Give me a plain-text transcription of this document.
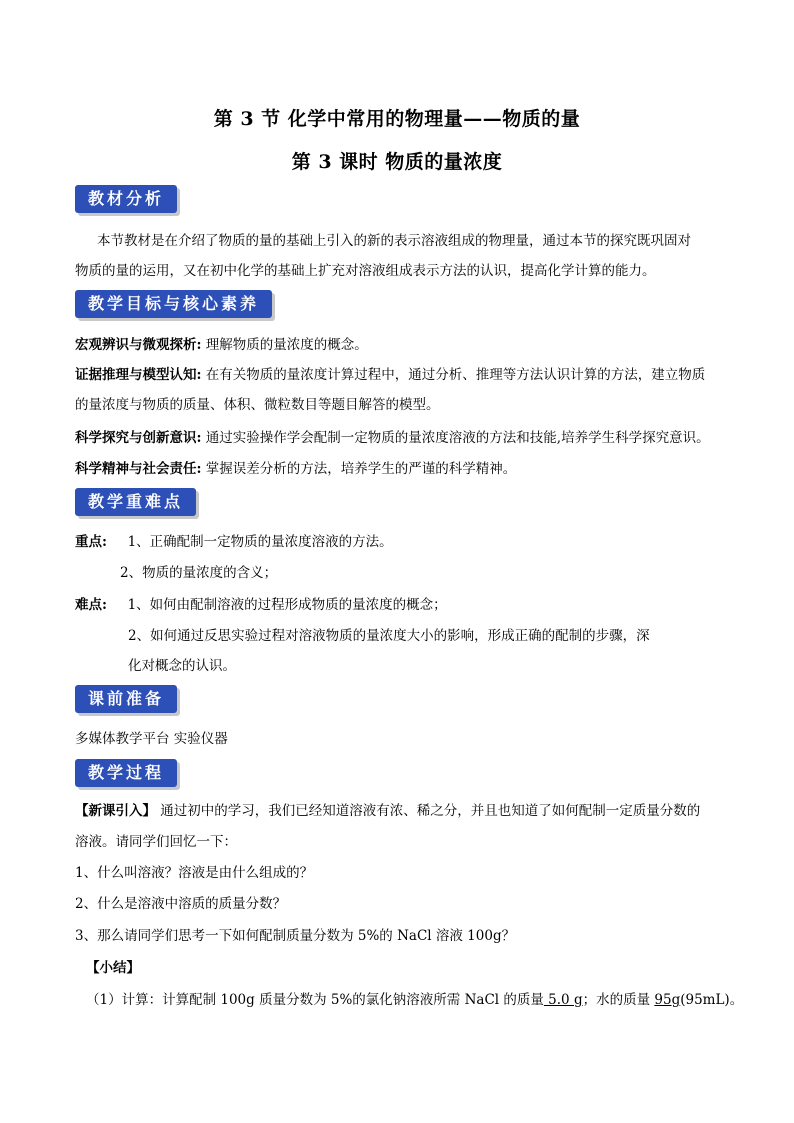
第 3 节 化学中常用的物理量——物质的量
第 3 课时 物质的量浓度
教材分析
本节教材是在介绍了物质的量的基础上引入的新的表示溶液组成的物理量，通过本节的探究既巩固对
物质的量的运用，又在初中化学的基础上扩充对溶液组成表示方法的认识，提高化学计算的能力。
教学目标与核心素养
宏观辨识与微观探析: 理解物质的量浓度的概念。
证据推理与模型认知: 在有关物质的量浓度计算过程中，通过分析、推理等方法认识计算的方法，建立物质
的量浓度与物质的质量、体积、微粒数目等题目解答的模型。
科学探究与创新意识: 通过实验操作学会配制一定物质的量浓度溶液的方法和技能,培养学生科学探究意识。
科学精神与社会责任: 掌握误差分析的方法，培养学生的严谨的科学精神。
教学重难点
重点: 1、正确配制一定物质的量浓度溶液的方法。
2、物质的量浓度的含义；
难点: 1、如何由配制溶液的过程形成物质的量浓度的概念；
2、如何通过反思实验过程对溶液物质的量浓度大小的影响，形成正确的配制的步骤，深
化对概念的认识。
课前准备
多媒体教学平台 实验仪器
教学过程
【新课引入】 通过初中的学习，我们已经知道溶液有浓、稀之分，并且也知道了如何配制一定质量分数的
溶液。请同学们回忆一下：
1、什么叫溶液？溶液是由什么组成的？
2、什么是溶液中溶质的质量分数？
3、那么请同学们思考一下如何配制质量分数为 5%的 NaCl 溶液 100g？
【小结】
（1）计算：计算配制 100g 质量分数为 5%的氯化钠溶液所需 NaCl 的质量 5.0 g；水的质量 95g(95mL)。
